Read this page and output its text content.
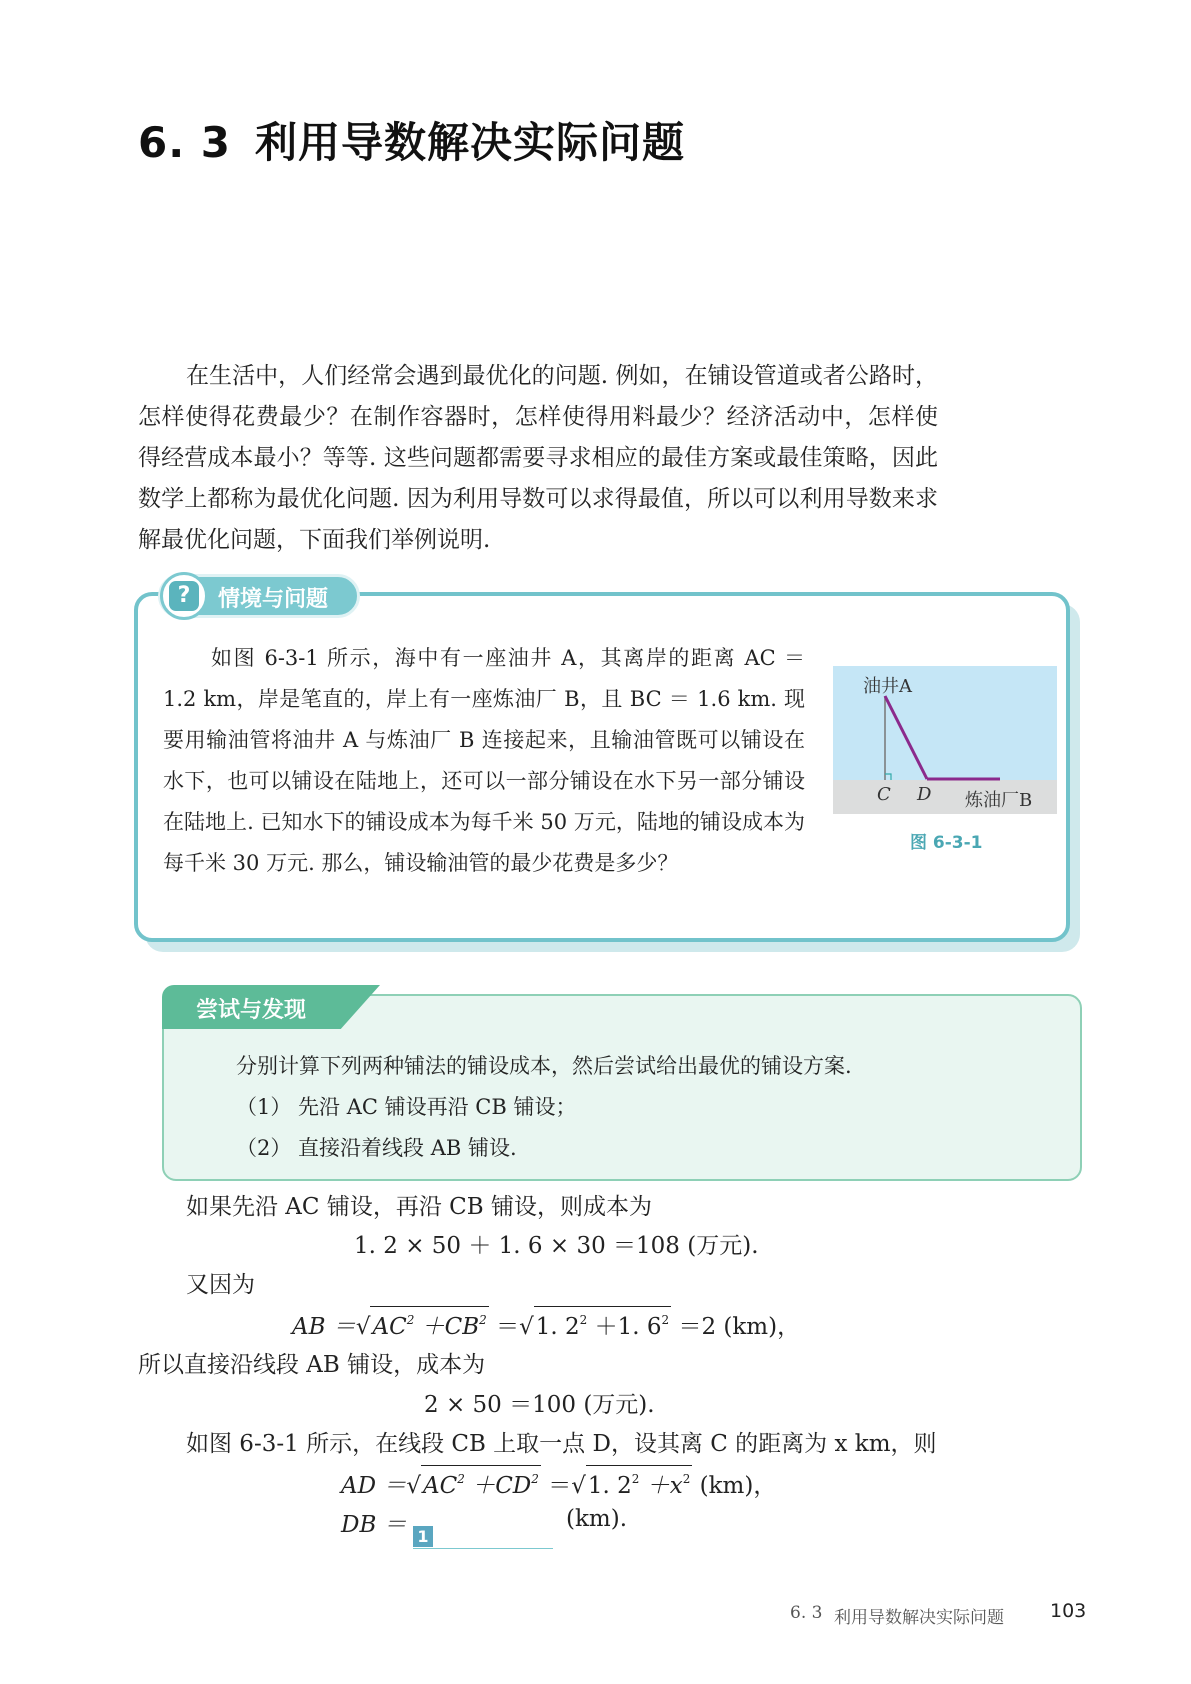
6. 3 利用导数解决实际问题

在生活中，人们经常会遇到最优化的问题. 例如，在铺设管道或者公路时，怎样使得花费最少？在制作容器时，怎样使得用料最少？经济活动中，怎样使得经营成本最小？等等. 这些问题都需要寻求相应的最佳方案或最佳策略，因此数学上都称为最优化问题. 因为利用导数可以求得最值，所以可以利用导数来求解最优化问题，下面我们举例说明.

?	情境与问题

如图 6-3-1 所示，海中有一座油井 A，其离岸的距离 AC ＝ 1.2 km，岸是笔直的，岸上有一座炼油厂 B，且 BC ＝ 1.6 km. 现要用输油管将油井 A 与炼油厂 B 连接起来，且输油管既可以铺设在水下，也可以铺设在陆地上，还可以一部分铺设在水下另一部分铺设在陆地上. 已知水下的铺设成本为每千米 50 万元，陆地的铺设成本为每千米 30 万元. 那么，铺设输油管的最少花费是多少？

油井A
C D 炼油厂B
图 6-3-1
尝试与发现
分别计算下列两种铺法的铺设成本，然后尝试给出最优的铺设方案.
（1） 先沿 AC 铺设再沿 CB 铺设；
（2） 直接沿着线段 AB 铺设.
如果先沿 AC 铺设，再沿 CB 铺设，则成本为
1. 2 × 50 ＋ 1. 6 × 30 ＝108 (万元).
又因为
AB $=√AC^2 +CB^2 =√1$. $2^2 +1$. $6^2 =2$ (km)，
所以直接沿线段 AB 铺设，成本为
2 × 50 ＝100 (万元).
如图 6-3-1 所示，在线段 CB 上取一点 D，设其离 C 的距离为 x km，则
AD $=√AC^2 +CD^2 =√1$. $2^2 +x^2$ (km)，
DB ＝ 1
(km).
6. 3 利用导数解决实际问题 103
